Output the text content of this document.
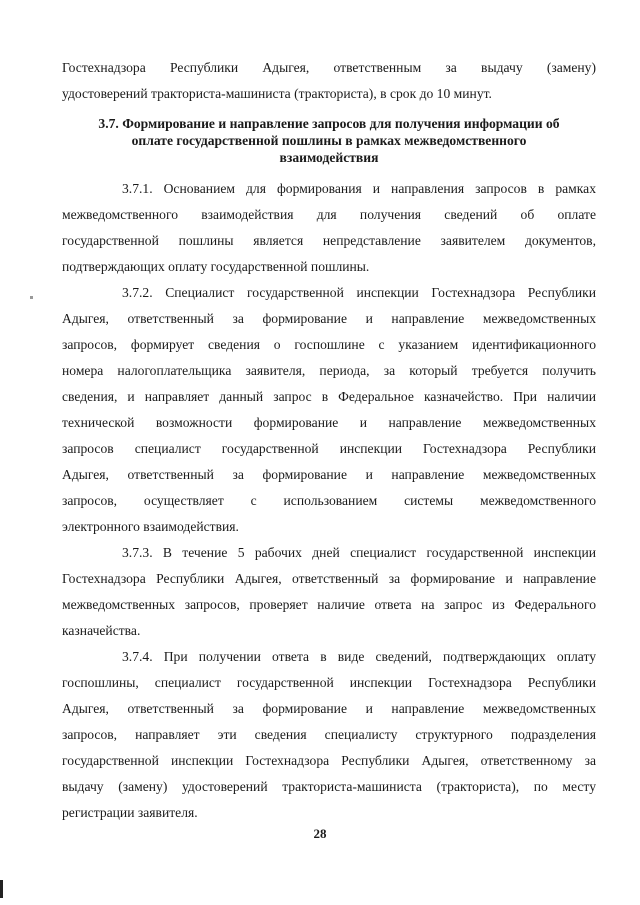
Гостехнадзора Республики Адыгея, ответственным за выдачу (замену)

удостоверений тракториста-машиниста (тракториста), в срок до 10 минут.

3.7. Формирование и направление запросов для получения информации об
оплате государственной пошлины в рамках межведомственного
взаимодействия

3.7.1. Основанием для формирования и направления запросов в рамках

межведомственного взаимодействия для получения сведений об оплате

государственной пошлины является непредставление заявителем документов,

подтверждающих оплату государственной пошлины.

3.7.2. Специалист государственной инспекции Гостехнадзора Республики

Адыгея, ответственный за формирование и направление межведомственных

запросов, формирует сведения о госпошлине с указанием идентификационного

номера налогоплательщика заявителя, периода, за который требуется получить

сведения, и направляет данный запрос в Федеральное казначейство. При наличии

технической возможности формирование и направление межведомственных

запросов специалист государственной инспекции Гостехнадзора Республики

Адыгея, ответственный за формирование и направление межведомственных

запросов, осуществляет с использованием системы межведомственного

электронного взаимодействия.

3.7.3. В течение 5 рабочих дней специалист государственной инспекции

Гостехнадзора Республики Адыгея, ответственный за формирование и направление

межведомственных запросов, проверяет наличие ответа на запрос из Федерального

казначейства.

3.7.4. При получении ответа в виде сведений, подтверждающих оплату

госпошлины, специалист государственной инспекции Гостехнадзора Республики

Адыгея, ответственный за формирование и направление межведомственных

запросов, направляет эти сведения специалисту структурного подразделения

государственной инспекции Гостехнадзора Республики Адыгея, ответственному за

выдачу (замену) удостоверений тракториста-машиниста (тракториста), по месту

регистрации заявителя.

28
